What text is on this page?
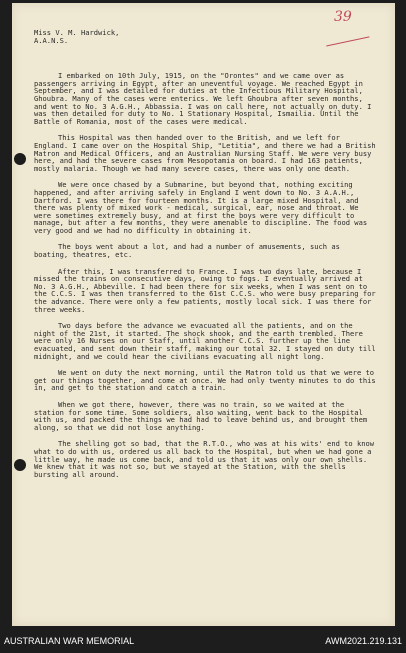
39
Miss V. M. Hardwick,
A.A.N.S.

I embarked on 10th July, 1915, on the "Orontes" and we came over as passengers arriving in Egypt, after an uneventful voyage. We reached Egypt in September, and I was detailed for duties at the Infectious Military Hospital, Ghoubra. Many of the cases were enterics. We left Ghoubra after seven months, and went to No. 3 A.G.H., Abbassia. I was on call here, not actually on duty. I was then detailed for duty to No. 1 Stationary Hospital, Ismailia. Until the Battle of Romania, most of the cases were medical.

This Hospital was then handed over to the British, and we left for England. I came over on the Hospital Ship, "Letitia", and there we had a British Matron and Medical Officers, and an Australian Nursing Staff. We were very busy here, and had the severe cases from Mesopotamia on board. I had 163 patients, mostly malaria. Though we had many severe cases, there was only one death.

We were once chased by a Submarine, but beyond that, nothing exciting happened, and after arriving safely in England I went down to No. 3 A.A.H., Dartford. I was there for fourteen months. It is a large mixed Hospital, and there was plenty of mixed work - medical, surgical, ear, nose and throat. We were sometimes extremely busy, and at first the boys were very difficult to manage, but after a few months, they were amenable to discipline. The food was very good and we had no difficulty in obtaining it.

The boys went about a lot, and had a number of amusements, such as boating, theatres, etc.

After this, I was transferred to France. I was two days late, because I missed the trains on consecutive days, owing to fogs. I eventually arrived at No. 3 A.G.H., Abbeville. I had been there for six weeks, when I was sent on to the C.C.S. I was then transferred to the 61st C.C.S. who were busy preparing for the advance. There were only a few patients, mostly local sick. I was there for three weeks.

Two days before the advance we evacuated all the patients, and on the night of the 21st, it started. The shock shook, and the earth trembled. There were only 16 Nurses on our Staff, until another C.C.S. further up the line evacuated, and sent down their staff, making our total 32. I stayed on duty till midnight, and we could hear the civilians evacuating all night long.

We went on duty the next morning, until the Matron told us that we were to get our things together, and come at once. We had only twenty minutes to do this in, and get to the station and catch a train.

When we got there, however, there was no train, so we waited at the station for some time. Some soldiers, also waiting, went back to the Hospital with us, and packed the things we had had to leave behind us, and brought them along, so that we did not lose anything.

The shelling got so bad, that the R.T.O., who was at his wits' end to know what to do with us, ordered us all back to the Hospital, but when we had gone a little way, he made us come back, and told us that it was only our own shells. We knew that it was not so, but we stayed at the Station, with the shells bursting all around.

AUSTRALIAN WAR MEMORIAL	AWM2021.219.131
